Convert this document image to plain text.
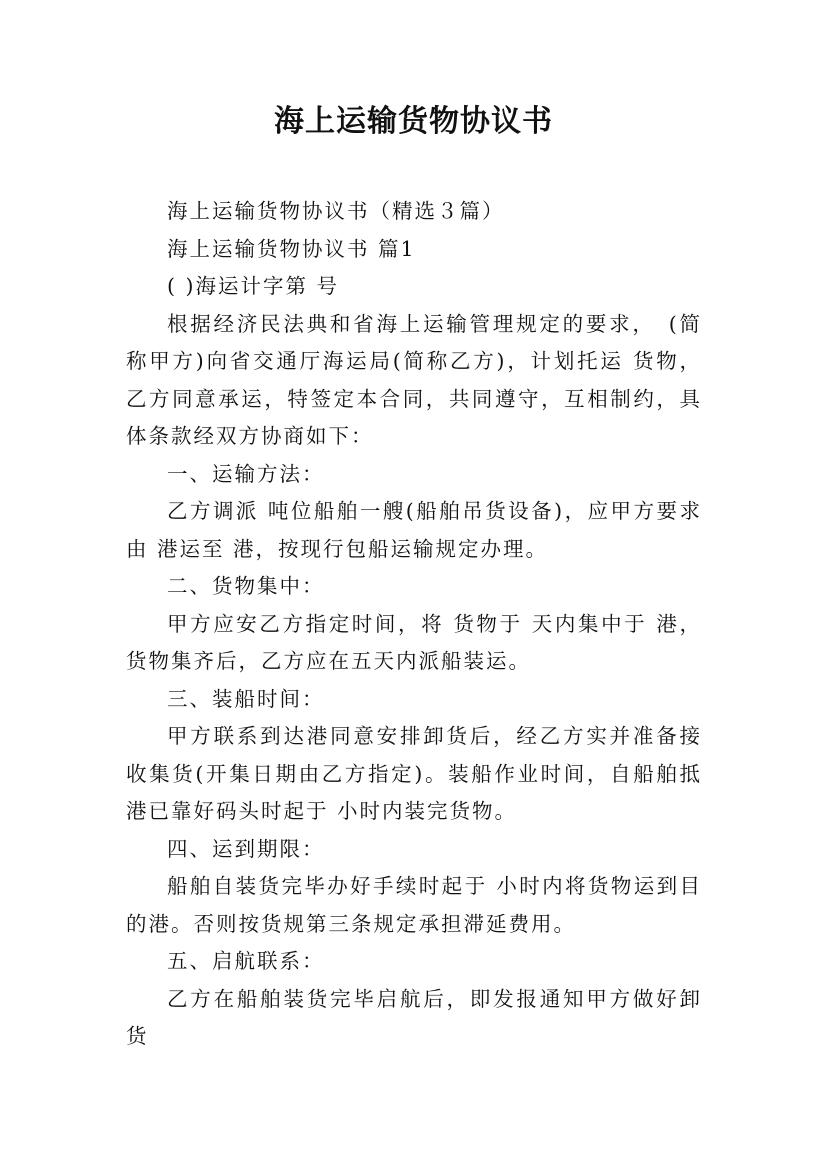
海上运输货物协议书

海上运输货物协议书（精选３篇）

海上运输货物协议书 篇1

( )海运计字第 号

根据经济民法典和省海上运输管理规定的要求，　(简称甲方)向省交通厅海运局(简称乙方)，计划托运 货物，乙方同意承运，特签定本合同，共同遵守，互相制约，具体条款经双方协商如下：

一、运输方法：

乙方调派 吨位船舶一艘(船舶吊货设备)，应甲方要求由 港运至 港，按现行包船运输规定办理。

二、货物集中：

甲方应安乙方指定时间，将 货物于 天内集中于 港，货物集齐后，乙方应在五天内派船装运。

三、装船时间：

甲方联系到达港同意安排卸货后，经乙方实并准备接收集货(开集日期由乙方指定)。装船作业时间，自船舶抵港已靠好码头时起于 小时内装完货物。

四、运到期限：

船舶自装货完毕办好手续时起于 小时内将货物运到目的港。否则按货规第三条规定承担滞延费用。

五、启航联系：

乙方在船舶装货完毕启航后，即发报通知甲方做好卸货
